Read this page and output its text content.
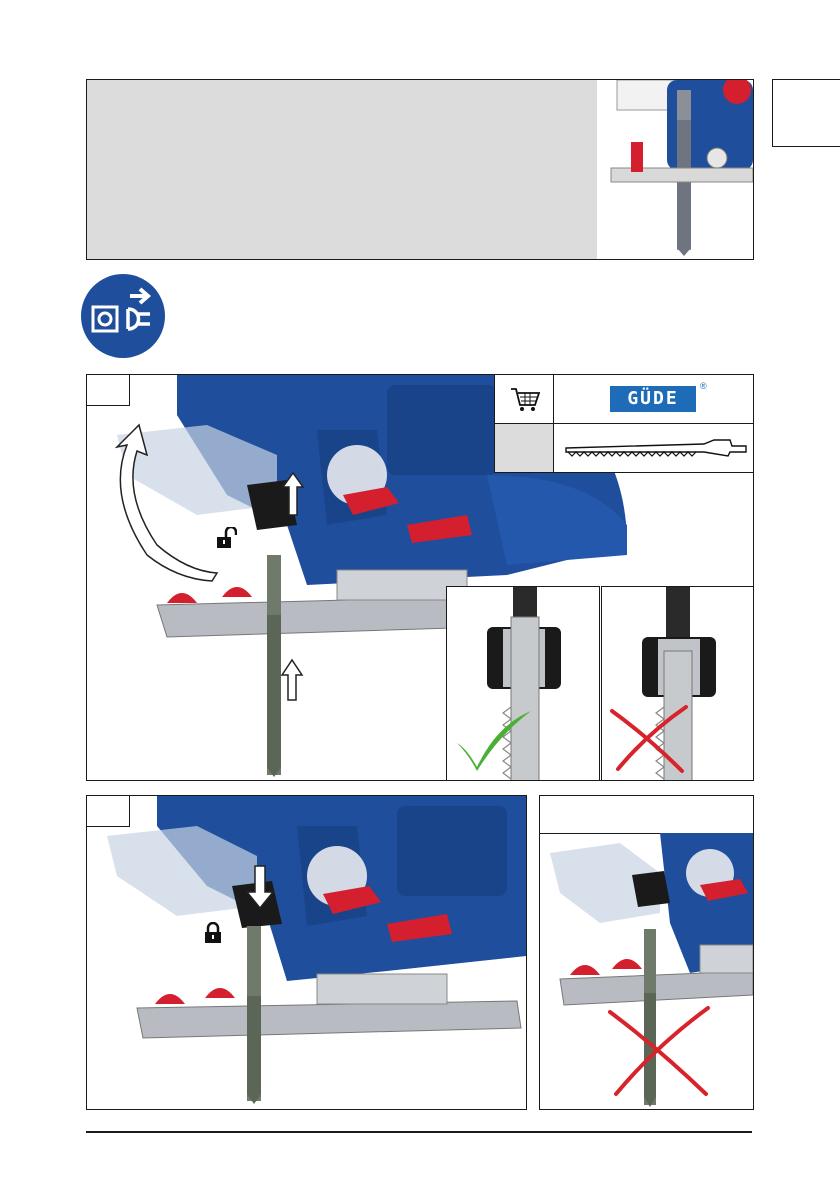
GÜDE
®
